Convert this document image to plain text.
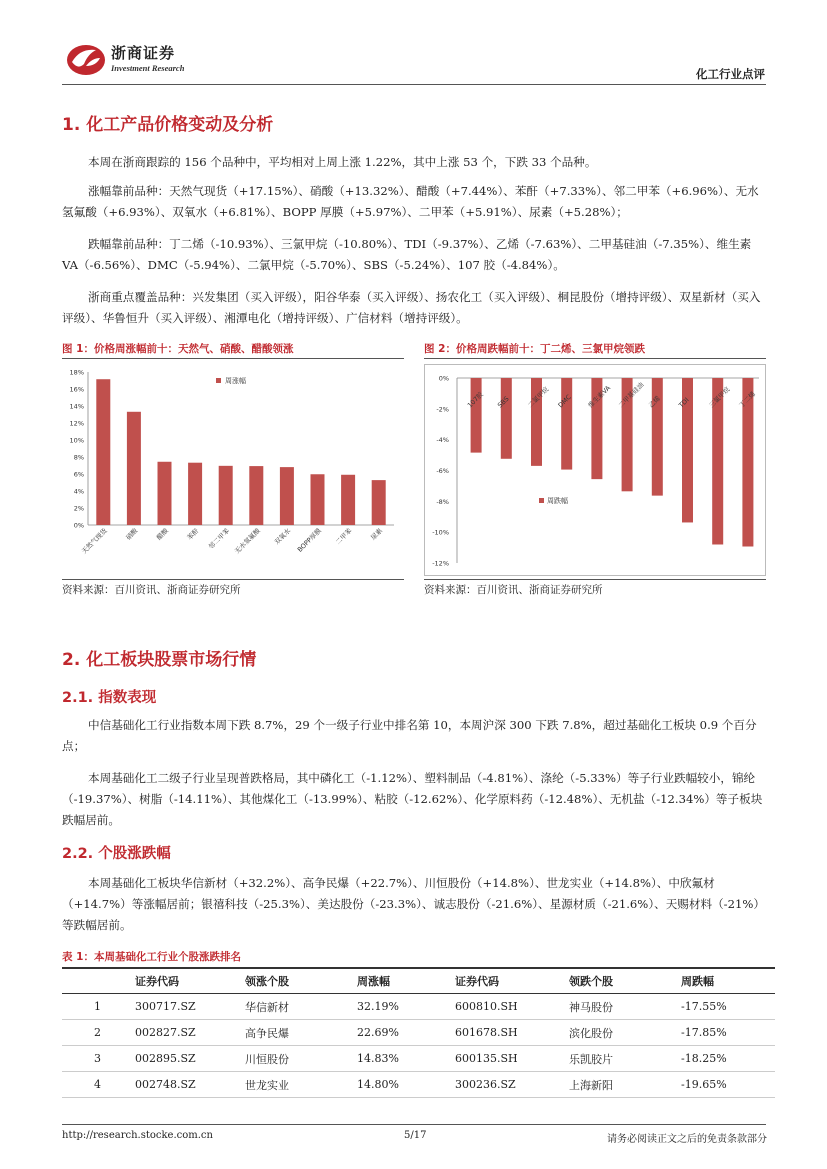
浙商证券
Investment Research	化工行业点评
1. 化工产品价格变动及分析

本周在浙商跟踪的 156 个品种中，平均相对上周上涨 1.22%，其中上涨 53 个，下跌 33 个品种。

涨幅靠前品种：天然气现货（+17.15%）、硝酸（+13.32%）、醋酸（+7.44%）、苯酐（+7.33%）、邻二甲苯（+6.96%）、无水氢氟酸（+6.93%）、双氧水（+6.81%）、BOPP 厚膜（+5.97%）、二甲苯（+5.91%）、尿素（+5.28%）；

跌幅靠前品种：丁二烯（-10.93%）、三氯甲烷（-10.80%）、TDI（-9.37%）、乙烯（-7.63%）、二甲基硅油（-7.35%）、维生素 VA（-6.56%）、DMC（-5.94%）、二氯甲烷（-5.70%）、SBS（-5.24%）、107 胶（-4.84%）。

浙商重点覆盖品种：兴发集团（买入评级），阳谷华泰（买入评级）、扬农化工（买入评级）、桐昆股份（增持评级）、双星新材（买入评级）、华鲁恒升（买入评级）、湘潭电化（增持评级）、广信材料（增持评级）。

图 1：价格周涨幅前十：天然气、硝酸、醋酸领涨	图 2：价格周跌幅前十：丁二烯、三氯甲烷领跌
18%
16%
14%
12%
10%
8%
6%
4%
2%
0%
天然气现货 硝酸 醋酸 苯酐 邻二甲苯 无水氢氟酸 双氧水 BOPP厚膜 二甲苯 尿素
周涨幅	0%
-2%
-4%
-6%
-8%
-10%
-12%
107胶 SBS 二氯甲烷 DMC 维生素VA 二甲基硅油 乙烯 TDI	三氯甲烷 丁二烯
周跌幅
资料来源：百川资讯、浙商证券研究所	资料来源：百川资讯、浙商证券研究所
2. 化工板块股票市场行情
2.1. 指数表现

中信基础化工行业指数本周下跌 8.7%，29 个一级子行业中排名第 10，本周沪深 300 下跌 7.8%，超过基础化工板块 0.9 个百分点；

本周基础化工二级子行业呈现普跌格局，其中磷化工（-1.12%）、塑料制品（-4.81%）、涤纶（-5.33%）等子行业跌幅较小，锦纶（-19.37%）、树脂（-14.11%）、其他煤化工（-13.99%）、粘胶（-12.62%）、化学原料药（-12.48%）、无机盐（-12.34%）等子板块跌幅居前。

2.2. 个股涨跌幅

本周基础化工板块华信新材（+32.2%）、高争民爆（+22.7%）、川恒股份（+14.8%）、世龙实业（+14.8%）、中欣氟材（+14.7%）等涨幅居前；银禧科技（-25.3%）、美达股份（-23.3%）、诚志股份（-21.6%）、星源材质（-21.6%）、天赐材料（-21%）等跌幅居前。

表 1：本周基础化工行业个股涨跌排名
	证券代码	领涨个股	周涨幅	证券代码	领跌个股	周跌幅
1	300717.SZ	华信新材	32.19%	600810.SH	神马股份	-17.55%
2	002827.SZ	高争民爆	22.69%	601678.SH	滨化股份	-17.85%
3	002895.SZ	川恒股份	14.83%	600135.SH	乐凯胶片	-18.25%
4	002748.SZ	世龙实业	14.80%	300236.SZ	上海新阳	-19.65%
http://research.stocke.com.cn	5/17	请务必阅读正文之后的免责条款部分
